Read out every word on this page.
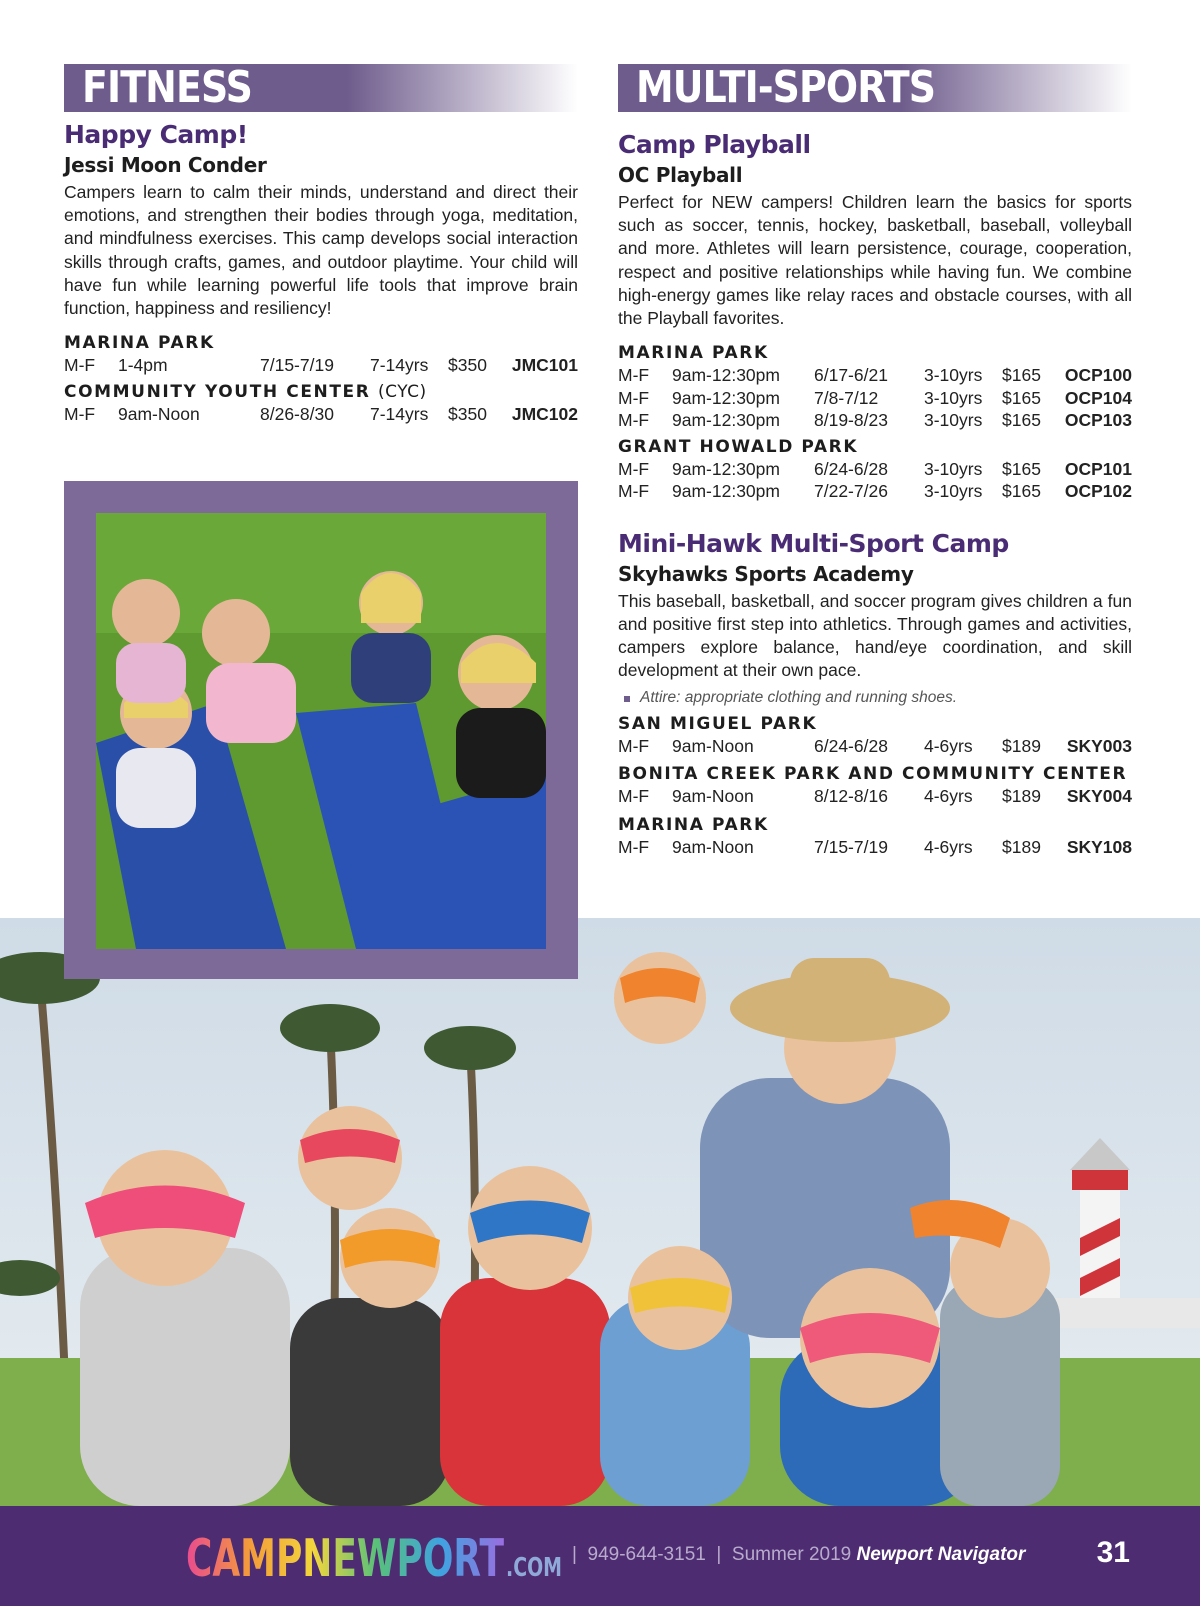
FITNESS
Happy Camp!
Jessi Moon Conder

Campers learn to calm their minds, understand and direct their emotions, and strengthen their bodies through yoga, meditation, and mindfulness exercises. This camp develops social interaction skills through crafts, games, and outdoor playtime. Your child will have fun while learning powerful life tools that improve brain function, happiness and resiliency!

MARINA PARK
M-F 1-4pm	7/15-7/19 7-14yrs $350 JMC101
COMMUNITY YOUTH CENTER (CYC)
M-F 9am-Noon	8/26-8/30 7-14yrs $350 JMC102
MULTI-SPORTS
Camp Playball
OC Playball

Perfect for NEW campers! Children learn the basics for sports such as soccer, tennis, hockey, basketball, baseball, volleyball and more. Athletes will learn persistence, courage, cooperation, respect and positive relationships while having fun. We combine high-energy games like relay races and obstacle courses, with all the Playball favorites.

MARINA PARK
M-F 9am-12:30pm 6/17-6/21 3-10yrs $165 OCP100
M-F 9am-12:30pm 7/8-7/12	3-10yrs $165 OCP104
M-F 9am-12:30pm 8/19-8/23 3-10yrs $165 OCP103
GRANT HOWALD PARK
M-F 9am-12:30pm 6/24-6/28 3-10yrs $165 OCP101
M-F 9am-12:30pm 7/22-7/26 3-10yrs $165 OCP102
Mini-Hawk Multi-Sport Camp
Skyhawks Sports Academy

This baseball, basketball, and soccer program gives children a fun and positive first step into athletics. Through games and activities, campers explore balance, hand/eye coordination, and skill development at their own pace.

Attire: appropriate clothing and running shoes.
SAN MIGUEL PARK
M-F 9am-Noon	6/24-6/28 4-6yrs $189 SKY003
BONITA CREEK PARK AND COMMUNITY CENTER
M-F 9am-Noon	8/12-8/16 4-6yrs $189 SKY004
MARINA PARK
M-F 9am-Noon	7/15-7/19 4-6yrs $189 SKY108
CAMPNEWPORT .COM | 949-644-3151 | Summer 2019 Newport Navigator 31
